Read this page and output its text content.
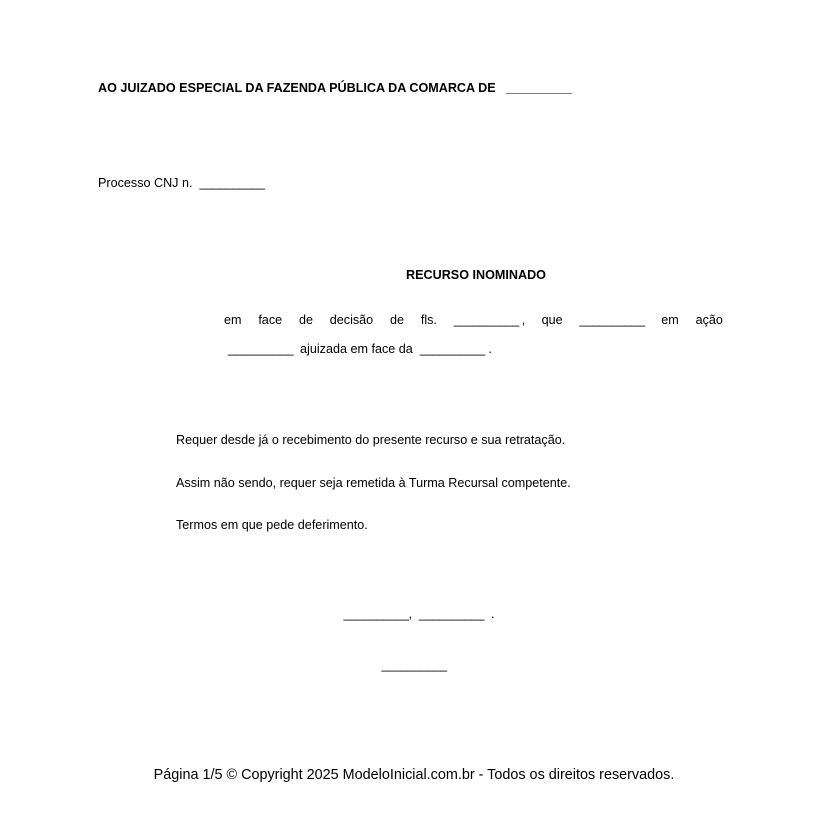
AO JUIZADO ESPECIAL DA FAZENDA PÚBLICA DA COMARCA DE __________
Processo CNJ n. __________
RECURSO INOMINADO
em face de decisão de fls. __________ , que __________ em ação
__________ ajuizada em face da __________ .
Requer desde já o recebimento do presente recurso e sua retratação.
Assim não sendo, requer seja remetida à Turma Recursal competente.
Termos em que pede deferimento.
__________, __________ .
__________
Página 1/5 © Copyright 2025 ModeloInicial.com.br - Todos os direitos reservados.
